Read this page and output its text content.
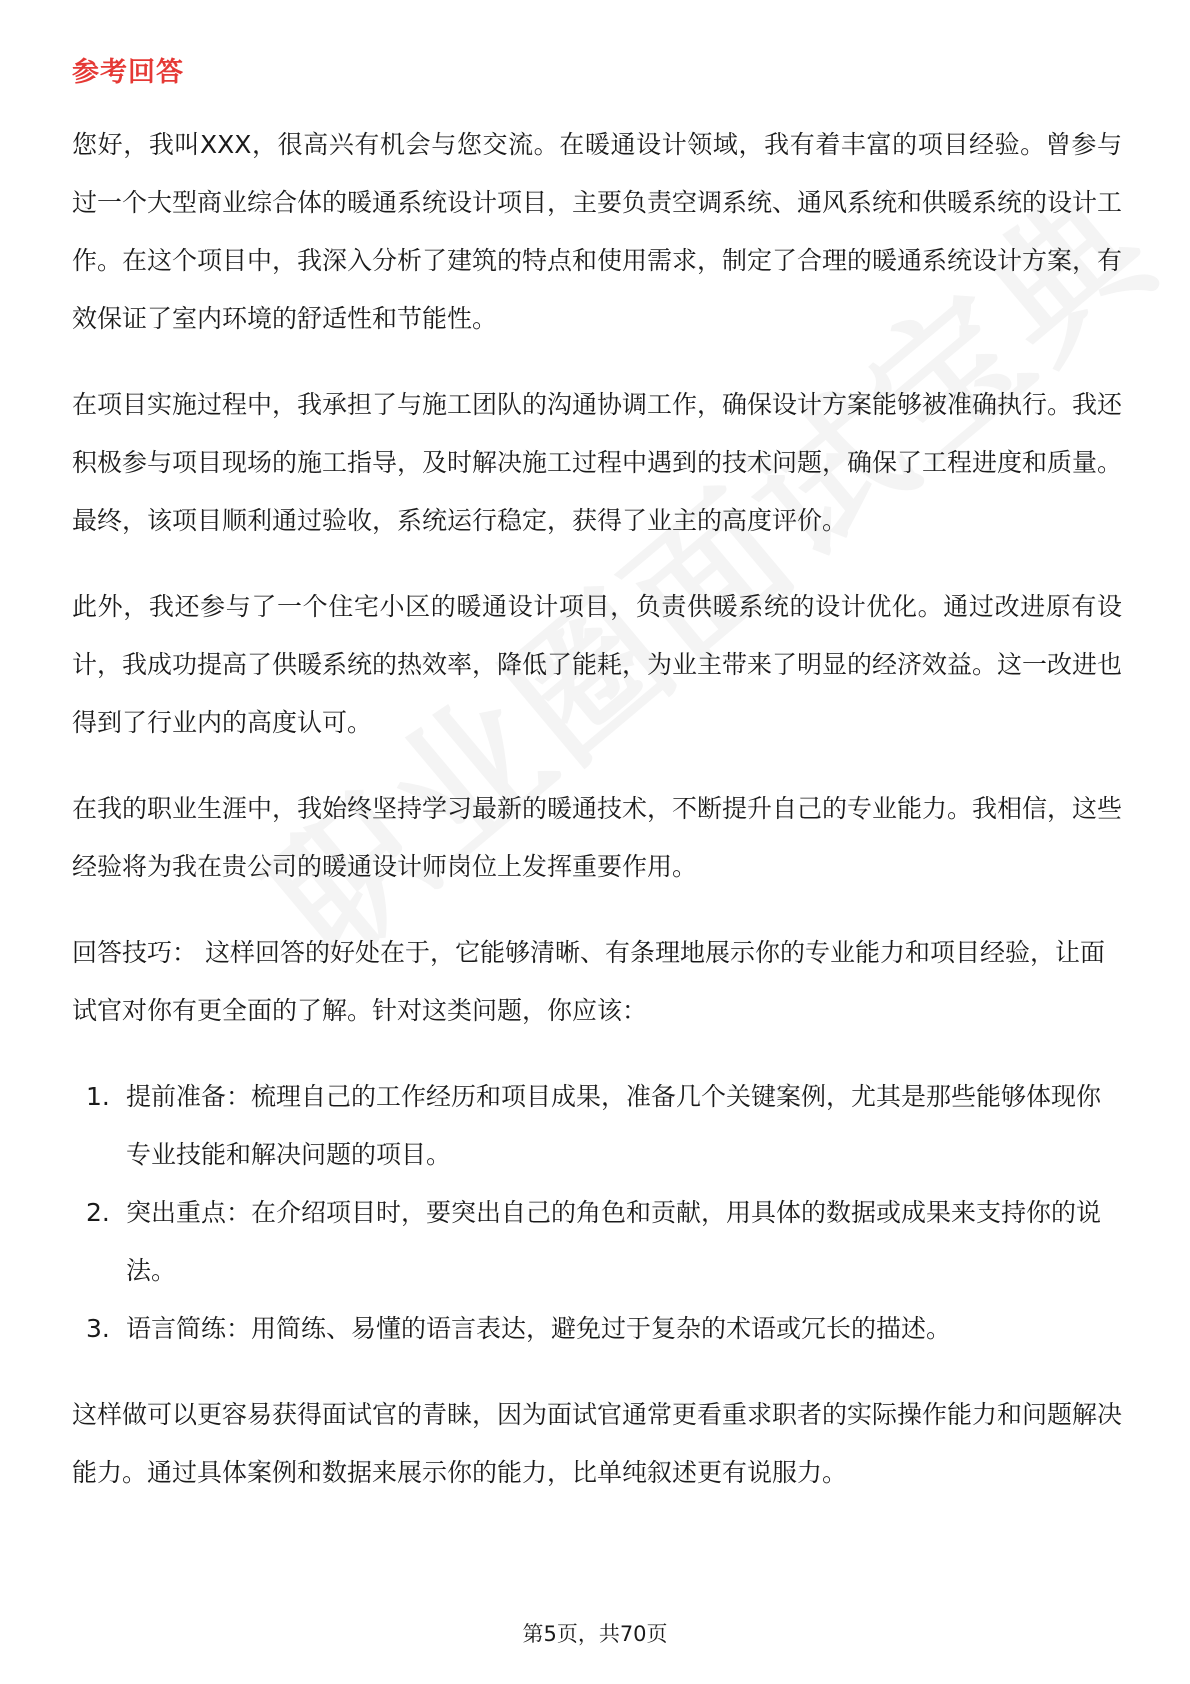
参考回答

您好，我叫XXX，很高兴有机会与您交流。在暖通设计领域，我有着丰富的项目经验。曾参与过一个大型商业综合体的暖通系统设计项目，主要负责空调系统、通风系统和供暖系统的设计工作。在这个项目中，我深入分析了建筑的特点和使用需求，制定了合理的暖通系统设计方案，有效保证了室内环境的舒适性和节能性。

在项目实施过程中，我承担了与施工团队的沟通协调工作，确保设计方案能够被准确执行。我还积极参与项目现场的施工指导，及时解决施工过程中遇到的技术问题，确保了工程进度和质量。最终，该项目顺利通过验收，系统运行稳定，获得了业主的高度评价。

此外，我还参与了一个住宅小区的暖通设计项目，负责供暖系统的设计优化。通过改进原有设计，我成功提高了供暖系统的热效率，降低了能耗，为业主带来了明显的经济效益。这一改进也得到了行业内的高度认可。

在我的职业生涯中，我始终坚持学习最新的暖通技术，不断提升自己的专业能力。我相信，这些经验将为我在贵公司的暖通设计师岗位上发挥重要作用。

回答技巧： 这样回答的好处在于，它能够清晰、有条理地展示你的专业能力和项目经验，让面试官对你有更全面的了解。针对这类问题，你应该：

1. 提前准备：梳理自己的工作经历和项目成果，准备几个关键案例，尤其是那些能够体现你专业技能和解决问题的项目。
2. 突出重点：在介绍项目时，要突出自己的角色和贡献，用具体的数据或成果来支持你的说法。
3. 语言简练：用简练、易懂的语言表达，避免过于复杂的术语或冗长的描述。

这样做可以更容易获得面试官的青睐，因为面试官通常更看重求职者的实际操作能力和问题解决能力。通过具体案例和数据来展示你的能力，比单纯叙述更有说服力。

第5页，共70页
